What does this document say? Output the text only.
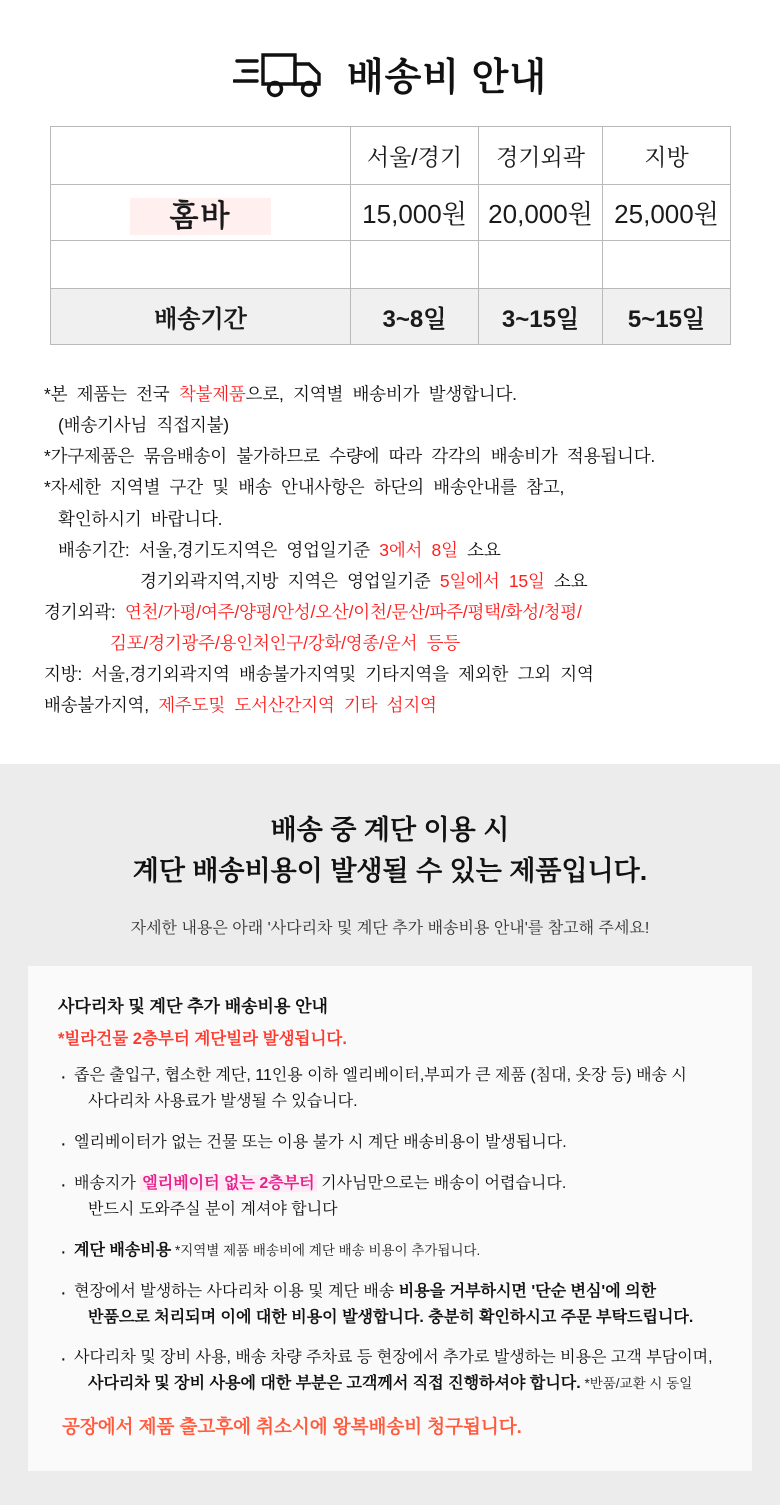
배송비 안내
	서울/경기	경기외곽	지방
홈바	15,000원	20,000원	25,000원

배송기간	3~8일	3~15일	5~15일
*본  제품는  전국  착불제품으로,  지역별  배송비가  발생합니다.
(배송기사님  직접지불)
*가구제품은  묶음배송이  불가하므로  수량에  따라  각각의  배송비가  적용됩니다.
*자세한  지역별  구간  및  배송  안내사항은  하단의  배송안내를  참고,
확인하시기  바랍니다.
배송기간:  서울,경기도지역은  영업일기준  3에서  8일  소요
경기외곽지역,지방  지역은  영업일기준  5일에서  15일  소요
경기외곽:  연천/가평/여주/양평/안성/오산/이천/문산/파주/평택/화성/청평/
김포/경기광주/용인처인구/강화/영종/운서  등등
지방:  서울,경기외곽지역  배송불가지역및  기타지역을  제외한  그외  지역
배송불가지역,  제주도및  도서산간지역  기타  섬지역
배송 중 계단 이용 시
계단 배송비용이 발생될 수 있는 제품입니다.
자세한 내용은 아래 '사다리차 및 계단 추가 배송비용 안내'를 참고해 주세요!
사다리차 및 계단 추가 배송비용 안내
*빌라건물 2층부터 계단빌라 발생됩니다.
· 좁은 출입구, 협소한 계단, 11인용 이하 엘리베이터,부피가 큰 제품 (침대, 옷장 등) 배송 시
사다리차 사용료가 발생될 수 있습니다.
· 엘리베이터가 없는 건물 또는 이용 불가 시 계단 배송비용이 발생됩니다.
· 배송지가 엘리베이터 없는 2층부터 기사님만으로는 배송이 어렵습니다.
반드시 도와주실 분이 계셔야 합니다
· 계단 배송비용 *지역별 제품 배송비에 계단 배송 비용이 추가됩니다.
· 현장에서 발생하는 사다리차 이용 및 계단 배송 비용을 거부하시면 '단순 변심'에 의한
반품으로 처리되며 이에 대한 비용이 발생합니다. 충분히 확인하시고 주문 부탁드립니다.
· 사다리차 및 장비 사용, 배송 차량 주차료 등 현장에서 추가로 발생하는 비용은 고객 부담이며,
사다리차 및 장비 사용에 대한 부분은 고객께서 직접 진행하셔야 합니다. *반품/교환 시 동일
공장에서 제품 출고후에 취소시에 왕복배송비 청구됩니다.
